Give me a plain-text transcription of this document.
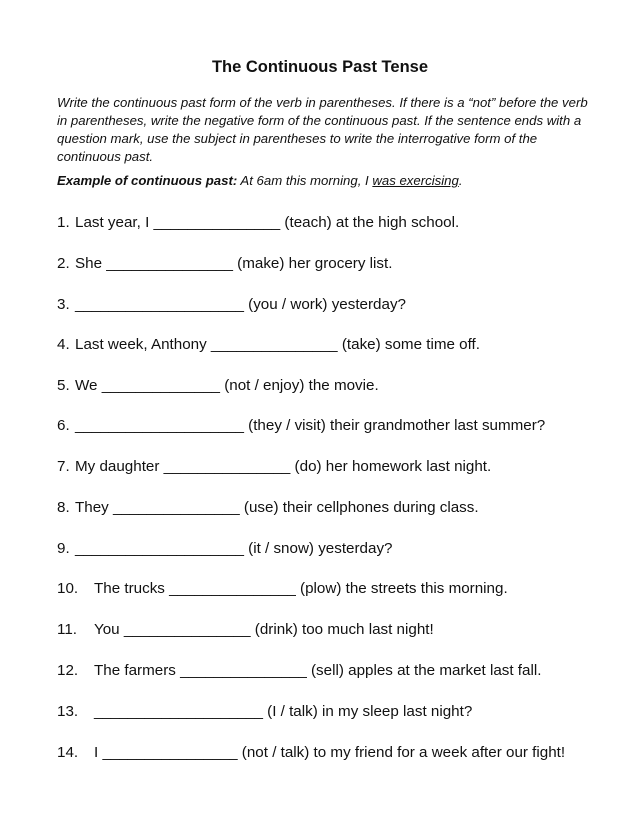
The Continuous Past Tense

Write the continuous past form of the verb in parentheses. If there is a “not” before the verb in parentheses, write the negative form of the continuous past. If the sentence ends with a question mark, use the subject in parentheses to write the interrogative form of the continuous past.

Example of continuous past: At 6am this morning, I was exercising.

1. Last year, I _______________ (teach) at the high school.
2. She _______________ (make) her grocery list.
3. ____________________ (you / work) yesterday?
4. Last week, Anthony _______________ (take) some time off.
5. We ______________ (not / enjoy) the movie.
6. ____________________ (they / visit) their grandmother last summer?
7. My daughter _______________ (do) her homework last night.
8. They _______________ (use) their cellphones during class.
9. ____________________ (it / snow) yesterday?
10. The trucks _______________ (plow) the streets this morning.
11. You _______________ (drink) too much last night!
12. The farmers _______________ (sell) apples at the market last fall.
13. ____________________ (I / talk) in my sleep last night?
14. I ________________ (not / talk) to my friend for a week after our fight!
